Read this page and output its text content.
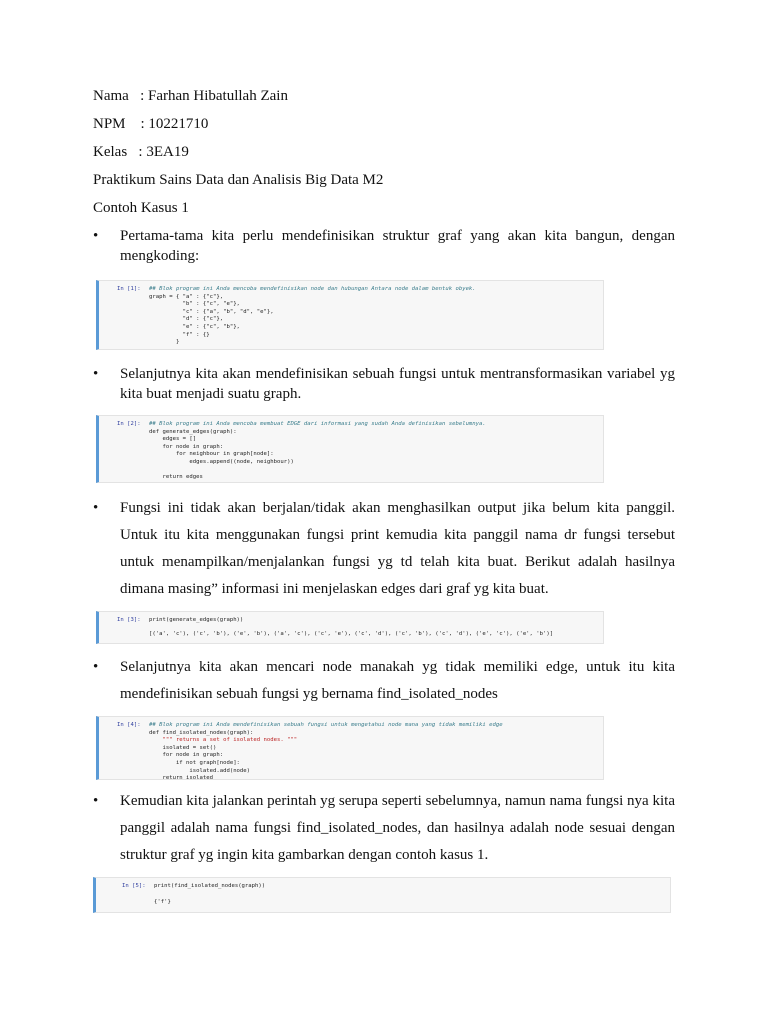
Nama   : Farhan Hibatullah Zain

NPM    : 10221710

Kelas   : 3EA19

Praktikum Sains Data dan Analisis Big Data M2

Contoh Kasus 1

• Pertama-tama kita perlu mendefinisikan struktur graf yang akan kita bangun, dengan mengkoding:
In [1]: ## Blok program ini Anda mencoba mendefinisikan node dan hubungan Antara node dalam bentuk obyek.
graph = { "a" : {"c"},
"b" : {"c", "e"},
"c" : {"a", "b", "d", "e"},
"d" : {"c"},
"e" : {"c", "b"},
"f" : {}
}
• Selanjutnya kita akan mendefinisikan sebuah fungsi untuk mentransformasikan variabel yg kita buat menjadi suatu graph.
In [2]: ## Blok program ini Anda mencoba membuat EDGE dari informasi yang sudah Anda definisikan sebelumnya.
def generate_edges(graph):
edges = []
for node in graph:
for neighbour in graph[node]:
edges.append((node, neighbour))

return edges
• Fungsi ini tidak akan berjalan/tidak akan menghasilkan output jika belum kita panggil. Untuk itu kita menggunakan fungsi print kemudia kita panggil nama dr fungsi tersebut untuk menampilkan/menjalankan fungsi yg td telah kita buat. Berikut adalah hasilnya dimana masing” informasi ini menjelaskan edges dari graf yg kita buat.
In [3]: print(generate_edges(graph))
[('a', 'c'), ('c', 'b'), ('e', 'b'), ('a', 'c'), ('c', 'e'), ('c', 'd'), ('c', 'b'), ('c', 'd'), ('e', 'c'), ('e', 'b')]
• Selanjutnya kita akan mencari node manakah yg tidak memiliki edge, untuk itu kita mendefinisikan sebuah fungsi yg bernama find_isolated_nodes
In [4]: ## Blok program ini Anda mendefinisikan sebuah fungsi untuk mengetahui node mana yang tidak memiliki edge
def find_isolated_nodes(graph):
""" returns a set of isolated nodes. """
isolated = set()
for node in graph:
if not graph[node]:
isolated.add(node)
return isolated
• Kemudian kita jalankan perintah yg serupa seperti sebelumnya, namun nama fungsi nya kita panggil adalah nama fungsi find_isolated_nodes, dan hasilnya adalah node sesuai dengan struktur graf yg ingin kita gambarkan dengan contoh kasus 1.
In [5]: print(find_isolated_nodes(graph))
{'f'}
